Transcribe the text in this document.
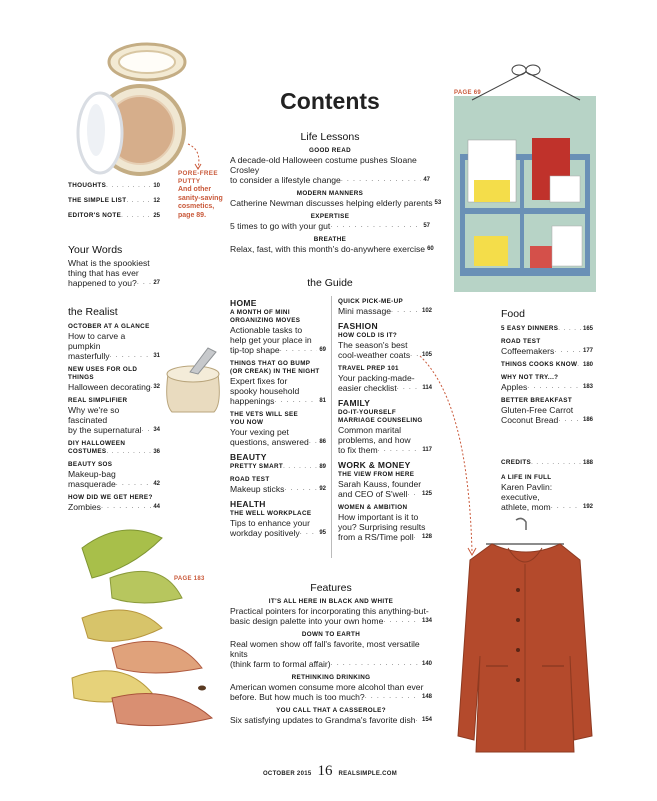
Contents
PORE-FREE PUTTY
And other sanity-saving cosmetics, page 89.
PAGE 69
PAGE 183
THOUGHTS . . .	10
THE SIMPLE LIST . . .	12
EDITOR'S NOTE . . .	25
Your Words
What is the spookiest
thing that has ever
happened to you? . . .	27
the Realist
OCTOBER AT A GLANCE
How to carve a pumpkin
masterfully . . .	31
NEW USES FOR OLD THINGS
Halloween decorating . . . 32
REAL SIMPLIFIER
Why we're so fascinated
by the supernatural . . .	34
DIY HALLOWEEN
COSTUMES . . .	36
BEAUTY SOS
Makeup-bag
masquerade . . .	42
HOW DID WE GET HERE?
Zombies . . .	44
Life Lessons
GOOD READ
A decade-old Halloween costume pushes Sloane Crosley
to consider a lifestyle change . . .	47
MODERN MANNERS
Catherine Newman discusses helping elderly parents 53
EXPERTISE
5 times to go with your gut . . .	57
BREATHE
Relax, fast, with this month's do-anywhere exercise 60
the Guide
HOME
A MONTH OF MINI
ORGANIZING MOVES
Actionable tasks to
help get your place in
tip-top shape . . .	69
THINGS THAT GO BUMP
(OR CREAK) IN THE NIGHT
Expert fixes for
spooky household
happenings . . .	81
THE VETS WILL SEE
YOU NOW
Your vexing pet
questions, answered . . .	86
BEAUTY
PRETTY SMART . . .	89
ROAD TEST
Makeup sticks . . .	92
HEALTH
THE WELL WORKPLACE
Tips to enhance your
workday positively . . .	95
QUICK PICK-ME-UP
Mini massage . . .	102
FASHION
HOW COLD IS IT?
The season's best
cool-weather coats . . .	105
TRAVEL PREP 101
Your packing-made-
easier checklist . . .	114
FAMILY
DO-IT-YOURSELF
MARRIAGE COUNSELING
Common marital
problems, and how
to fix them . . .	117
WORK & MONEY
THE VIEW FROM HERE
Sarah Kauss, founder
and CEO of S'well . . .	125
WOMEN & AMBITION
How important is it to
you? Surprising results
from a RS/Time poll . . .	128
Features
IT'S ALL HERE IN BLACK AND WHITE
Practical pointers for incorporating this anything-but-
basic design palette into your own home . . .	134
DOWN TO EARTH
Real women show off fall's favorite, most versatile knits
(think farm to formal affair) . . .	140
RETHINKING DRINKING
American women consume more alcohol than ever
before. But how much is too much? . . .	148
YOU CALL THAT A CASSEROLE?
Six satisfying updates to Grandma's favorite dish . . .	154
Food
5 EASY DINNERS . . .	165
ROAD TEST
Coffeemakers . . .	177
THINGS COOKS KNOW . . . 180
WHY NOT TRY...?
Apples . . .	183
BETTER BREAKFAST
Gluten-Free Carrot
Coconut Bread . . .	186
CREDITS . . .	188
A LIFE IN FULL
Karen Pavlin: executive,
athlete, mom . . .	192
OCTOBER 2015 16 REALSIMPLE.COM
